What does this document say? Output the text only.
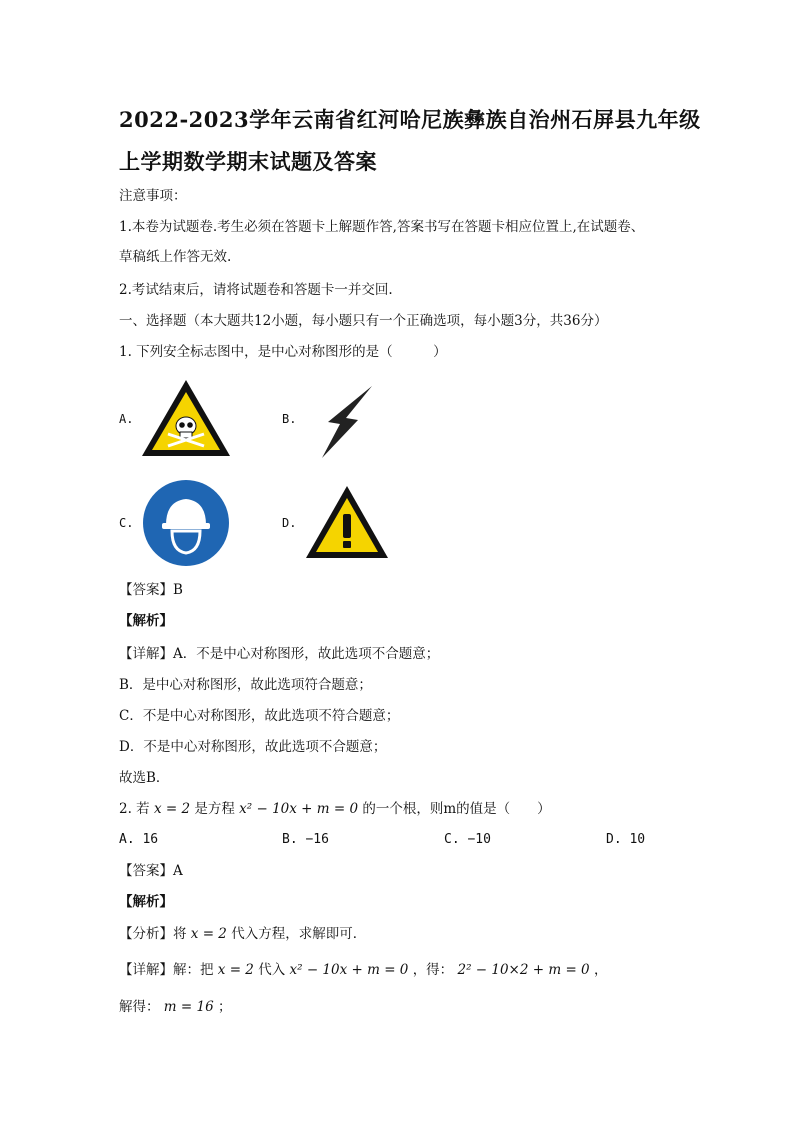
2022-2023学年云南省红河哈尼族彝族自治州石屏县九年级
上学期数学期末试题及答案
注意事项：
1.本卷为试题卷.考生必须在答题卡上解题作答,答案书写在答题卡相应位置上,在试题卷、
草稿纸上作答无效.
2.考试结束后，请将试题卷和答题卡一并交回.
一、选择题（本大题共12小题，每小题只有一个正确选项，每小题3分，共36分）
1. 下列安全标志图中，是中心对称图形的是（　　　）
A.	B.
C.	D.
【答案】B
【解析】
【详解】A．不是中心对称图形，故此选项不合题意；
B．是中心对称图形，故此选项符合题意；
C．不是中心对称图形，故此选项不符合题意；
D．不是中心对称图形，故此选项不合题意；
故选B．
2. 若 x = 2 是方程 x² − 10x + m = 0 的一个根，则m的值是（　　）
A. 16	B. −16	C. −10	D. 10
【答案】A
【解析】
【分析】将 x = 2 代入方程，求解即可．
【详解】解：把 x = 2 代入 x² − 10x + m = 0 ，得： 2² − 10×2 + m = 0 ，
解得： m = 16 ；
